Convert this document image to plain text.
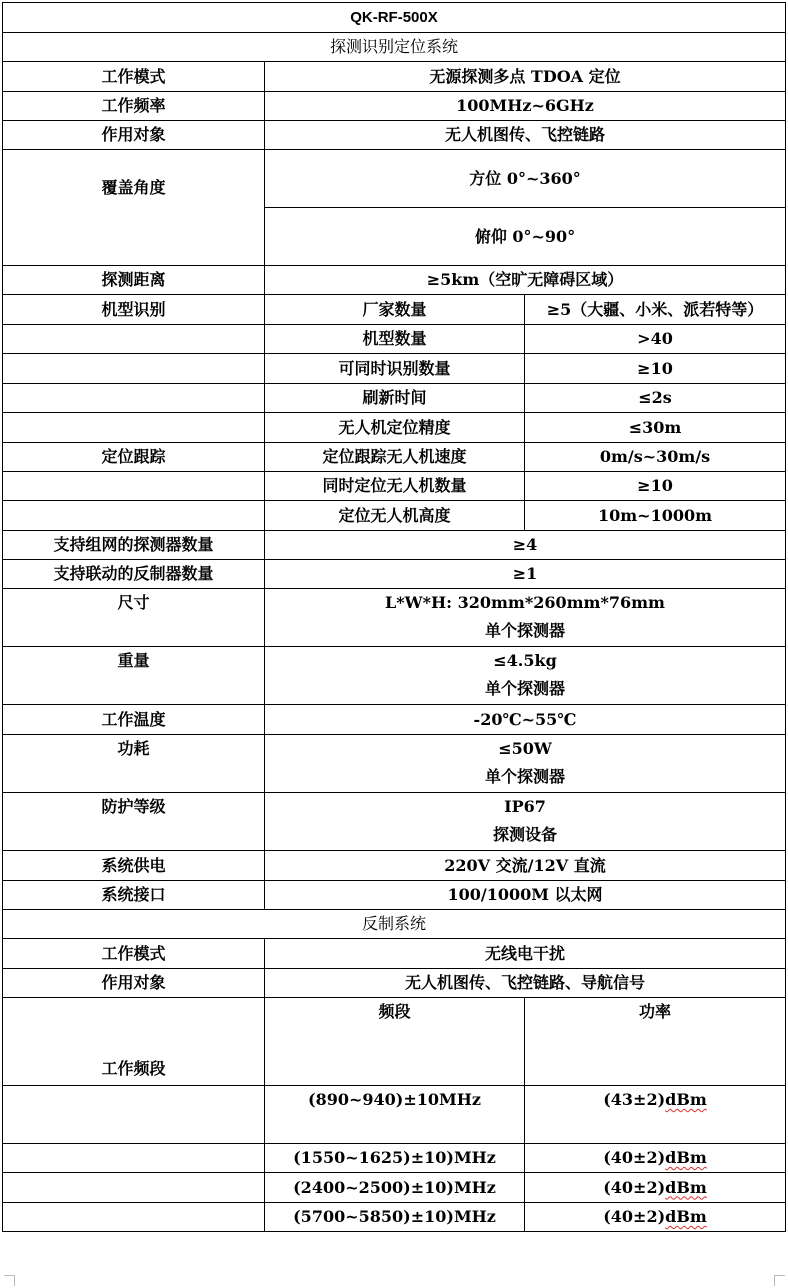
QK-RF-500X		
探测识别定位系统		
工作模式	无源探测多点 TDOA 定位	
工作频率	100MHz~6GHz	
作用对象	无人机图传、飞控链路	
覆盖角度	方位 0°~360°	
	俯仰 0°~90°	
探测距离	≥5km（空旷无障碍区域）	
机型识别	厂家数量	≥5（大疆、小米、派若特等）
	机型数量	>40
	可同时识别数量	≥10
	刷新时间	≤2s
	无人机定位精度	≤30m
定位跟踪	定位跟踪无人机速度	0m/s~30m/s
	同时定位无人机数量	≥10
	定位无人机高度	10m~1000m
支持组网的探测器数量	≥4	
支持联动的反制器数量	≥1	
尺寸	L*W*H: 320mm*260mm*76mm
单个探测器	

重量	≤4.5kg
单个探测器	

工作温度	-20℃~55℃	
功耗	≤50W
单个探测器	

防护等级	IP67
探测设备	

系统供电	220V 交流/12V 直流	
系统接口	100/1000M 以太网	
反制系统		
工作模式	无线电干扰	
作用对象	无人机图传、飞控链路、导航信号	
工作频段	频段	功率
	(890~940)±10MHz	(43±2)dBm
	(1550~1625)±10)MHz	(40±2)dBm
	(2400~2500)±10)MHz	(40±2)dBm
	(5700~5850)±10)MHz	(40±2)dBm
